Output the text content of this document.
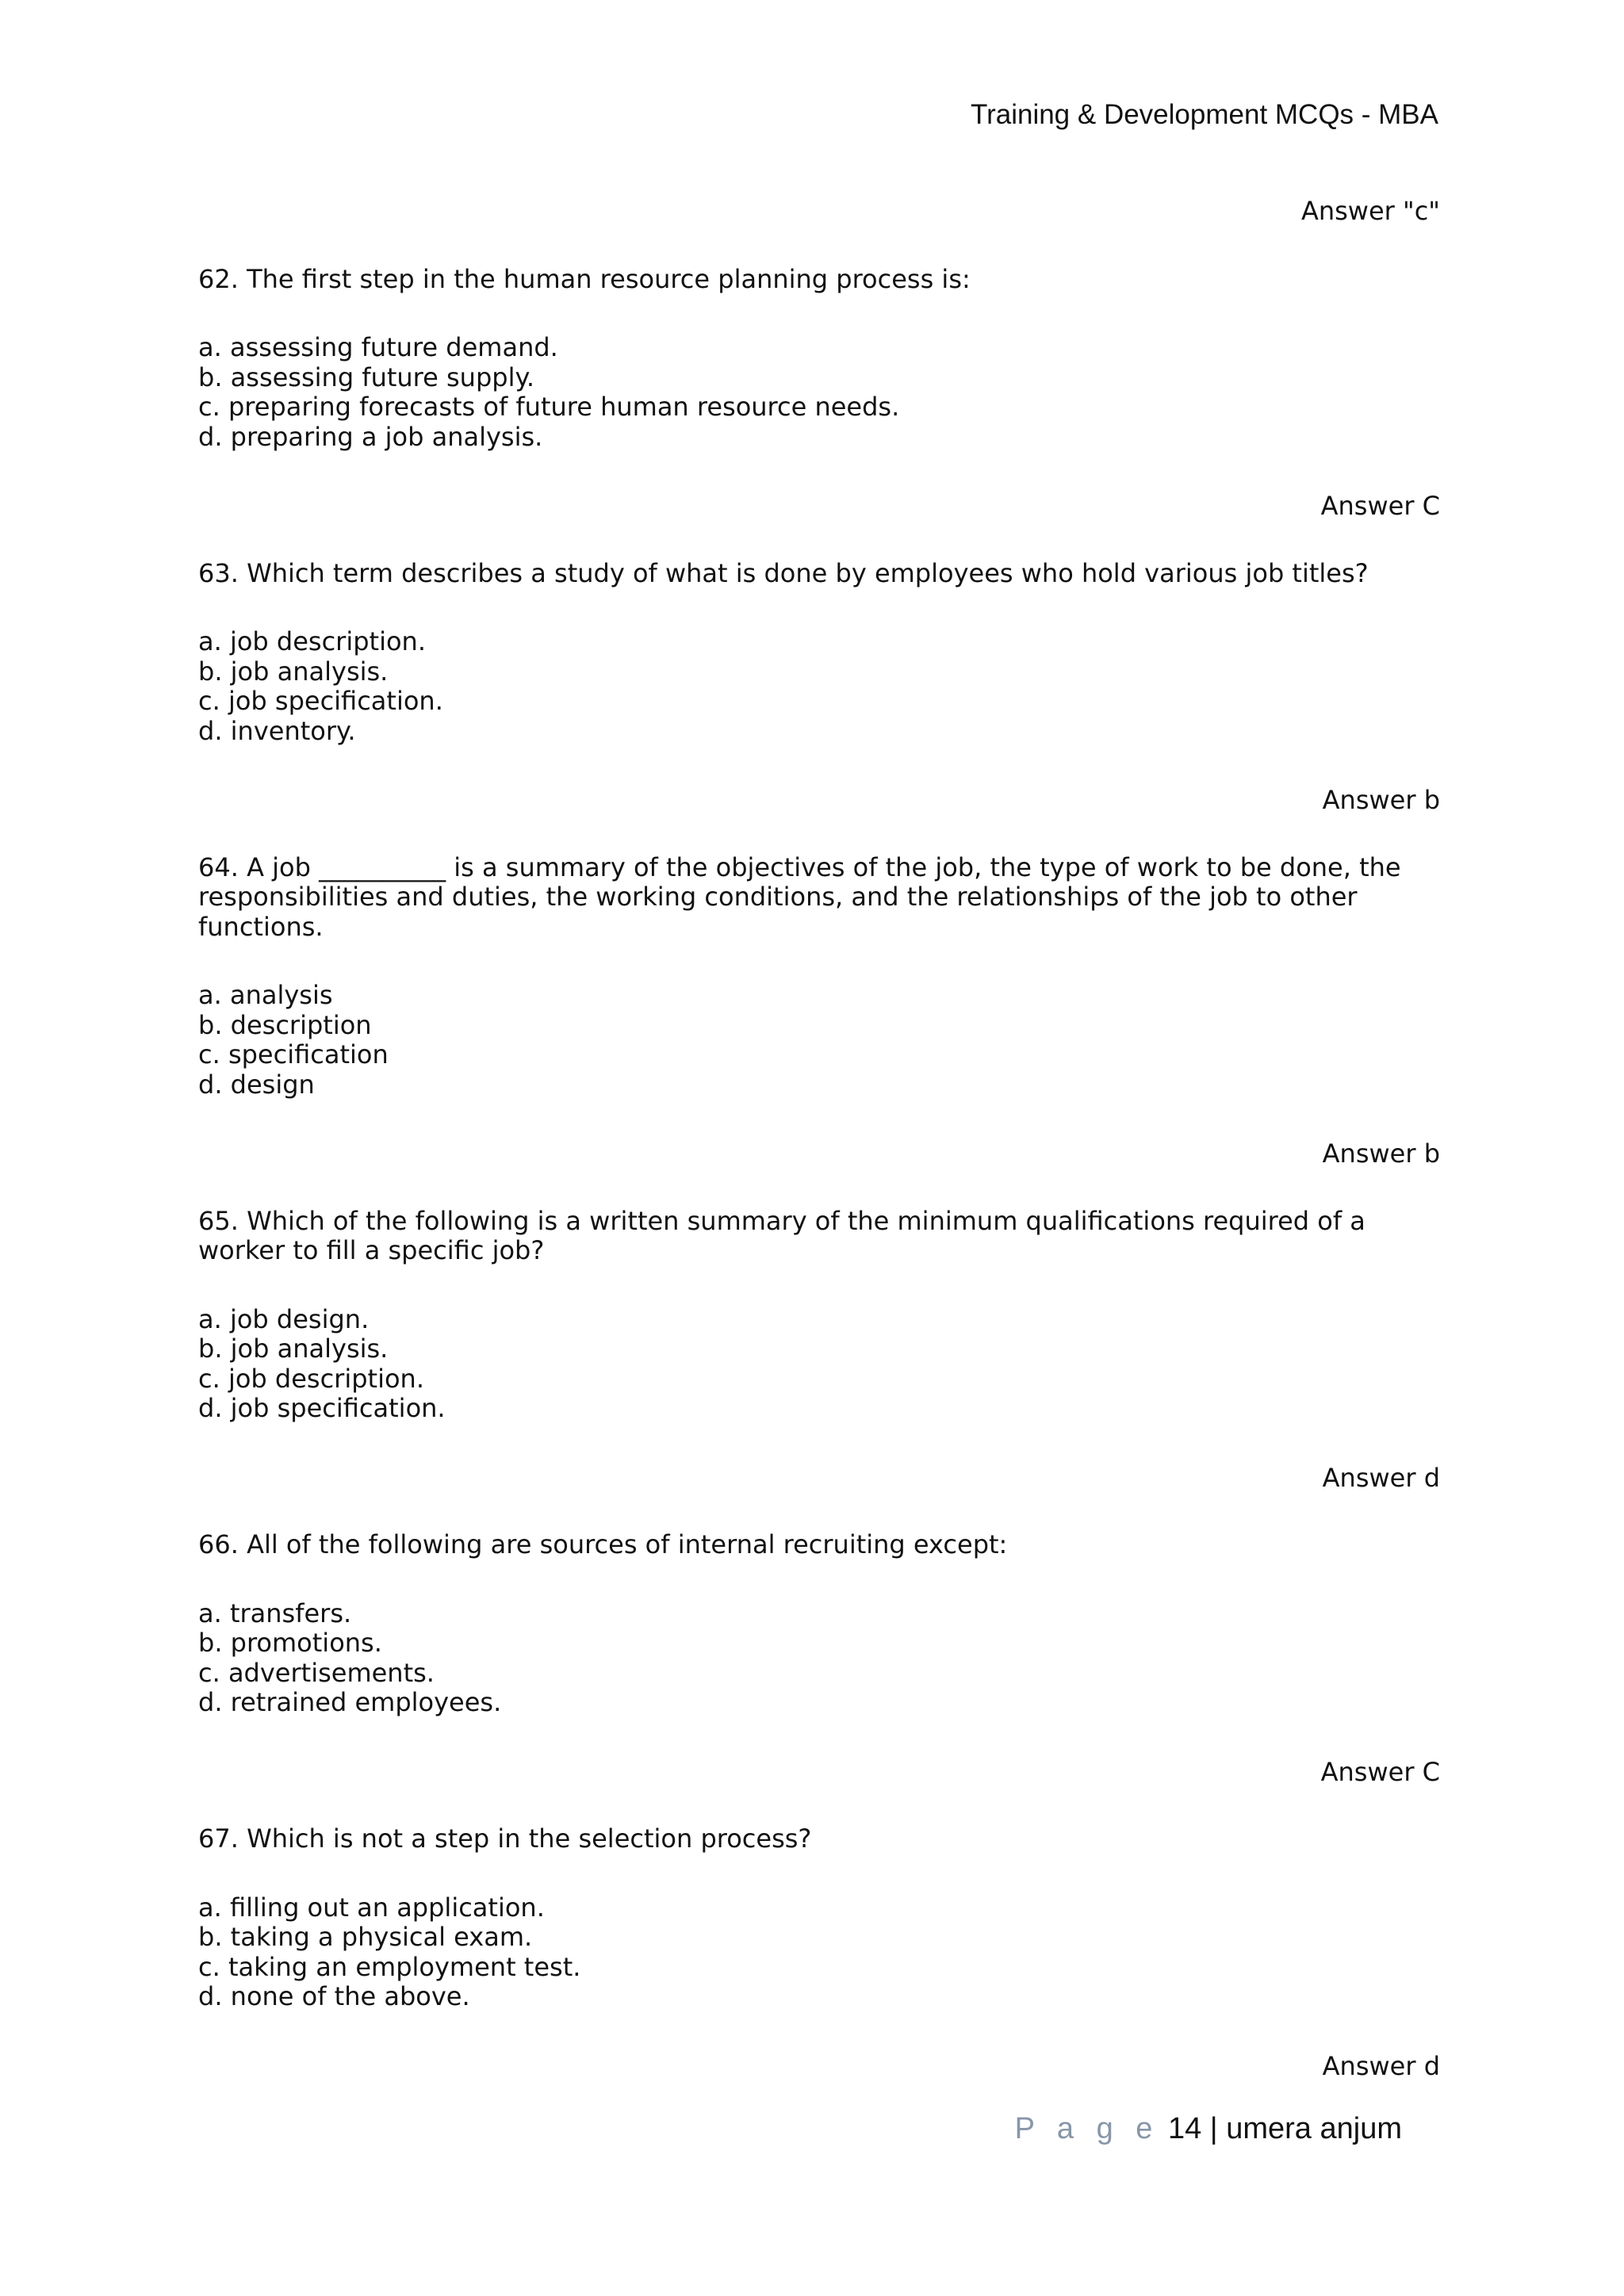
Training & Development MCQs - MBA
Answer "c"
62. The first step in the human resource planning process is:
a. assessing future demand.
b. assessing future supply.
c. preparing forecasts of future human resource needs.
d. preparing a job analysis.
Answer C
63. Which term describes a study of what is done by employees who hold various job titles?
a. job description.
b. job analysis.
c. job specification.
d. inventory.
Answer b
64. A job __________ is a summary of the objectives of the job, the type of work to be done, the responsibilities and duties, the working conditions, and the relationships of the job to other functions.
a. analysis
b. description
c. specification
d. design
Answer b
65. Which of the following is a written summary of the minimum qualifications required of a worker to fill a specific job?
a. job design.
b. job analysis.
c. job description.
d. job specification.
Answer d
66. All of the following are sources of internal recruiting except:
a. transfers.
b. promotions.
c. advertisements.
d. retrained employees.
Answer C
67. Which is not a step in the selection process?
a. filling out an application.
b. taking a physical exam.
c. taking an employment test.
d. none of the above.
Answer d
P a g e 14 | umera anjum
